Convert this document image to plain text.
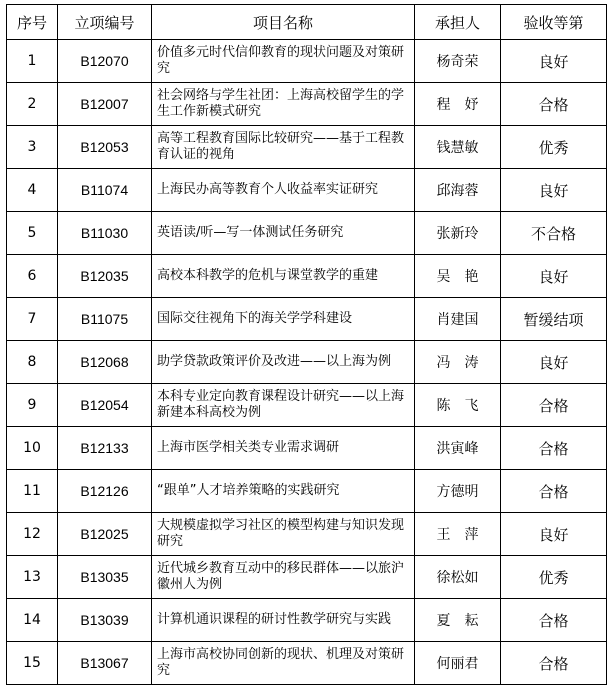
序号	立项编号	项目名称	承担人	验收等第
1	B12070	价值多元时代信仰教育的现状问题及对策研究	杨奇荣	良好
2	B12007	社会网络与学生社团：上海高校留学生的学生工作新模式研究	程　妤	合格
3	B12053	高等工程教育国际比较研究——基于工程教育认证的视角	钱慧敏	优秀
4	B11074	上海民办高等教育个人收益率实证研究	邱海蓉	良好
5	B11030	英语读/听—写一体测试任务研究	张新玲	不合格
6	B12035	高校本科教学的危机与课堂教学的重建	吴　艳	良好
7	B11075	国际交往视角下的海关学学科建设	肖建国	暂缓结项
8	B12068	助学贷款政策评价及改进——以上海为例	冯　涛	良好
9	B12054	本科专业定向教育课程设计研究——以上海新建本科高校为例	陈　飞	合格
10	B12133	上海市医学相关类专业需求调研	洪寅峰	合格
11	B12126	“跟单”人才培养策略的实践研究	方德明	合格
12	B12025	大规模虚拟学习社区的模型构建与知识发现研究	王　萍	良好
13	B13035	近代城乡教育互动中的移民群体——以旅沪徽州人为例	徐松如	优秀
14	B13039	计算机通识课程的研讨性教学研究与实践	夏　耘	合格
15	B13067	上海市高校协同创新的现状、机理及对策研究	何丽君	合格
